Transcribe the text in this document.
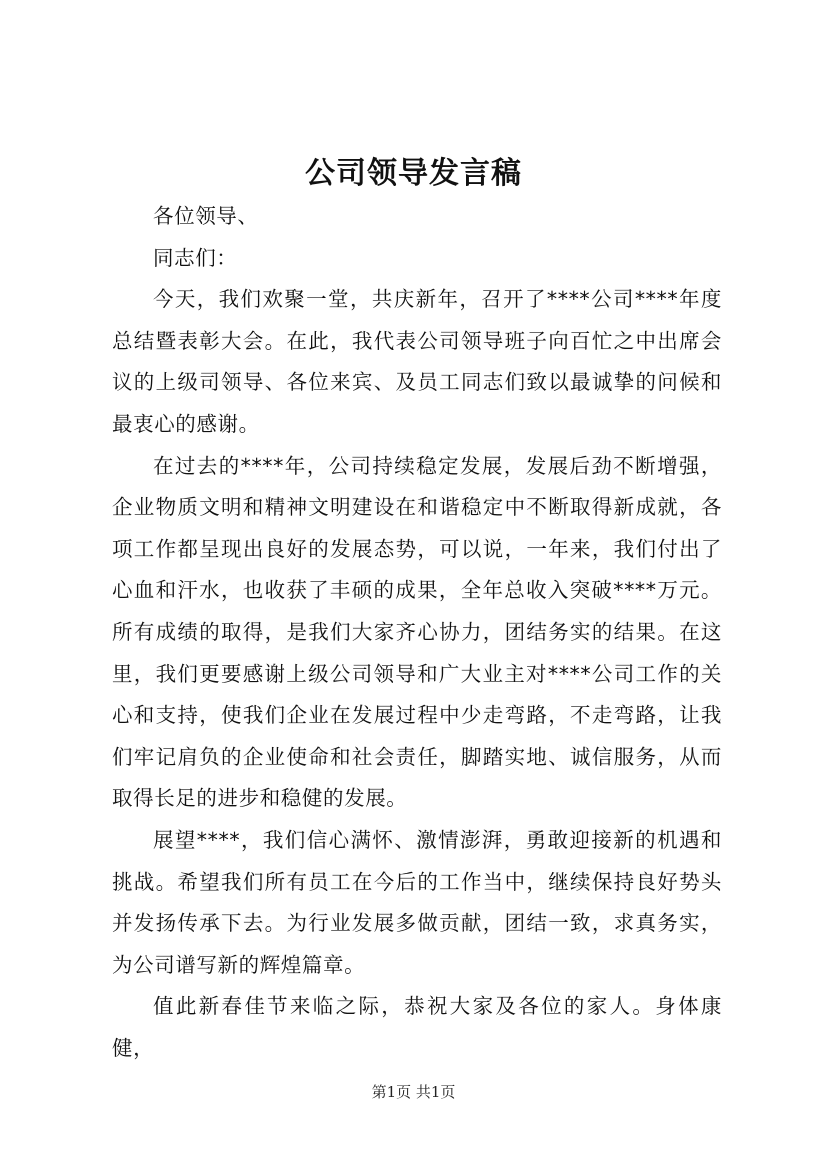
公司领导发言稿

各位领导、

同志们：

今天，我们欢聚一堂，共庆新年，召开了****公司****年度总结暨表彰大会。在此，我代表公司领导班子向百忙之中出席会议的上级司领导、各位来宾、及员工同志们致以最诚挚的问候和最衷心的感谢。

在过去的****年，公司持续稳定发展，发展后劲不断增强，企业物质文明和精神文明建设在和谐稳定中不断取得新成就，各项工作都呈现出良好的发展态势，可以说，一年来，我们付出了心血和汗水，也收获了丰硕的成果，全年总收入突破****万元。所有成绩的取得，是我们大家齐心协力，团结务实的结果。在这里，我们更要感谢上级公司领导和广大业主对****公司工作的关心和支持，使我们企业在发展过程中少走弯路，不走弯路，让我们牢记肩负的企业使命和社会责任，脚踏实地、诚信服务，从而取得长足的进步和稳健的发展。

展望****，我们信心满怀、激情澎湃，勇敢迎接新的机遇和挑战。希望我们所有员工在今后的工作当中，继续保持良好势头并发扬传承下去。为行业发展多做贡献，团结一致，求真务实，为公司谱写新的辉煌篇章。

值此新春佳节来临之际，恭祝大家及各位的家人。身体康健，

第1页 共1页
